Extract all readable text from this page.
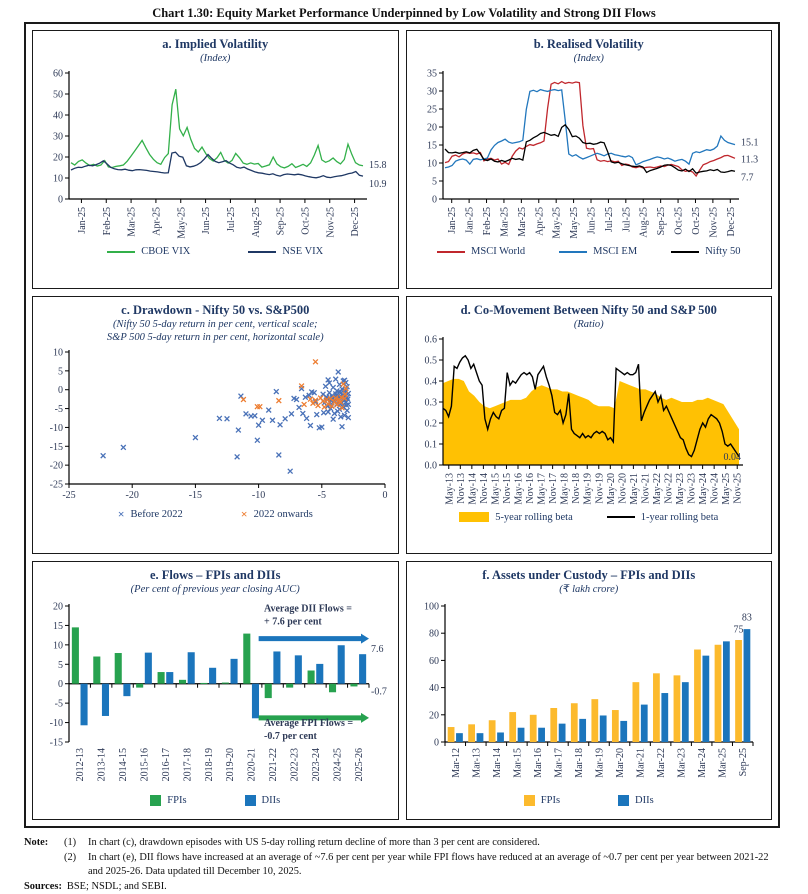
Chart 1.30: Equity Market Performance Underpinned by Low Volatility and Strong DII Flows
a. Implied Volatility
(Index)
0
10
20
30
40
50
60
Jan-25 Feb-25 Mar-25 Apr-25 May-25 Jun-25 Jul-25 Aug-25 Sep-25 Oct-25 Nov-25 Dec-25
15.8
10.9
CBOE VIX	NSE VIX
b. Realised Volatility
(Index)
0
5
10
15
20
25
30
35
Jan-25 Jan-25 Feb-25 Mar-25 Mar-25 Apr-25 May-25 May-25 Jun-25 Jul-25 Jul-25 Aug-25 Sep-25 Oct-25 Oct-25 Nov-25 Dec-25
11.3
15.1
7.7
MSCI World	MSCI EM	Nifty 50
c. Drawdown - Nifty 50 vs. S&P500
(Nifty 50 5-day return in per cent, vertical scale;
S&P 500 5-day return in per cent, horizontal scale)
-25
-20
-15
-10
-5
0
5
10
-25	-20	-15	-10	-5	0
× Before 2022	× 2022 onwards
d. Co-Movement Between Nifty 50 and S&P 500
(Ratio)
0.0
0.1
0.2
0.3
0.4
0.5
0.6
May-13 Nov-13 May-14 Nov-14 May-15 Nov-15 May-16 Nov-16 May-17 Nov-17 May-18 Nov-18 May-19 Nov-19 May-20 Nov-20 May-21 Nov-21 May-22 Nov-22 May-23 Nov-23 May-24 Nov-24 May-25 Nov-25
0.04
5-year rolling beta	1-year rolling beta
e. Flows – FPIs and DIIs
(Per cent of previous year closing AUC)
-15
-10
-5
0
5
10
15
20
2012-13 2013-14 2014-15 2015-16 2016-17 2017-18 2018-19 2019-20 2020-21 2021-22 2022-23 2023-24 2024-25 2025-26
Average DII Flows =
+ 7.6 per cent
7.6
Average FPI Flows =
-0.7 per cent
-0.7
FPIs	DIIs
f. Assets under Custody – FPIs and DIIs
(₹ lakh crore)
0
20
40
60
80
100
Mar-12 Mar-13 Mar-14 Mar-15 Mar-16 Mar-17 Mar-18 Mar-19 Mar-20 Mar-21 Mar-22 Mar-23 Mar-24 Mar-25 Sep-25
75
83
FPIs	DIIs
Note:	(1)	In chart (c), drawdown episodes with US 5-day rolling return decline of more than 3 per cent are considered.
(2)	In chart (e), DII flows have increased at an average of ~7.6 per cent per year while FPI flows have reduced at an average of ~0.7 per cent per year between 2021-22 and 2025-26. Data updated till December 10, 2025.
Sources: BSE; NSDL; and SEBI.
